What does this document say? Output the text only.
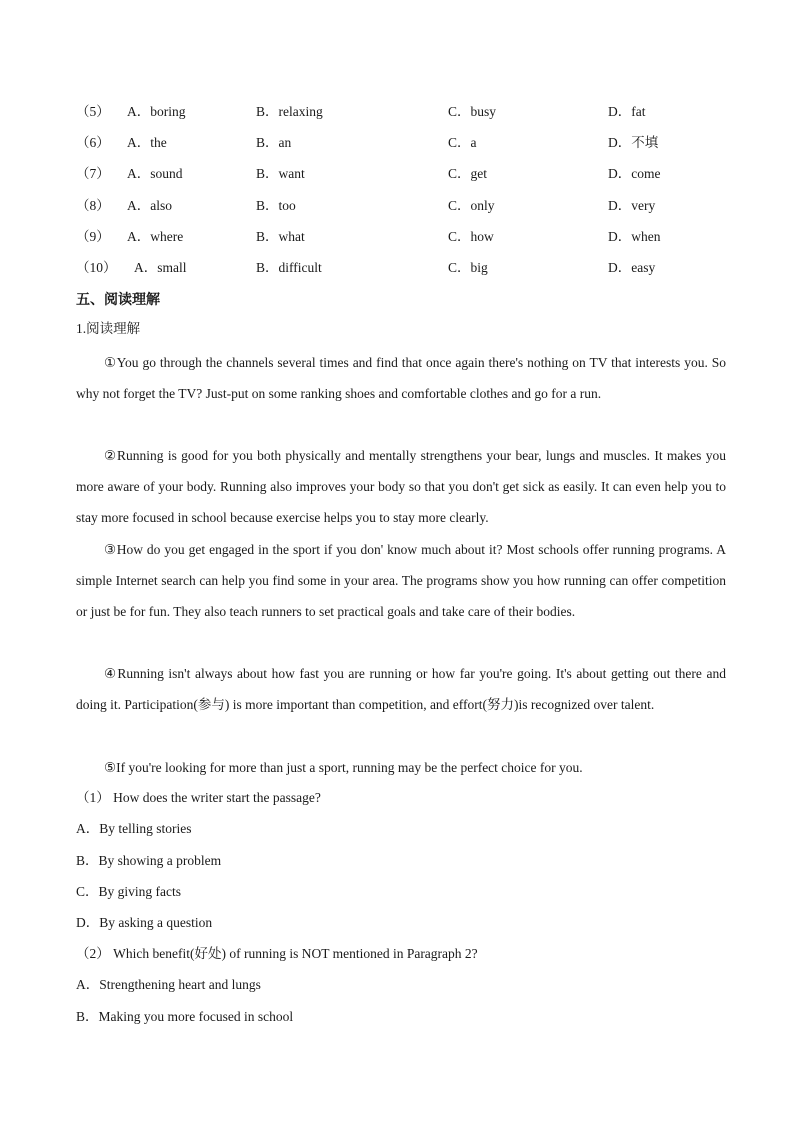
（5） A．boring	B．relaxing	C．busy	D．fat
（6） A．the	B．an	C．a	D．不填
（7） A．sound	B．want	C．get	D．come
（8） A．also	B．too	C．only	D．very
（9） A．where	B．what	C．how	D．when
（10） A．small	B．difficult	C．big	D．easy
五、阅读理解
1.阅读理解

①You go through the channels several times and find that once again there's nothing on TV that interests you. So why not forget the TV? Just-put on some ranking shoes and comfortable clothes and go for a run.

②Running is good for you both physically and mentally strengthens your bear, lungs and muscles. It makes you more aware of your body. Running also improves your body so that you don't get sick as easily. It can even help you to stay more focused in school because exercise helps you to stay more clearly.

③How do you get engaged in the sport if you don' know much about it? Most schools offer running programs. A simple Internet search can help you find some in your area. The programs show you how running can offer competition or just be for fun. They also teach runners to set practical goals and take care of their bodies.

④Running isn't always about how fast you are running or how far you're going. It's about getting out there and doing it. Participation(参与) is more important than competition, and effort(努力)is recognized over talent.

⑤If you're looking for more than just a sport, running may be the perfect choice for you.

（1） How does the writer start the passage?
A．By telling stories
B．By showing a problem
C．By giving facts
D．By asking a question
（2） Which benefit(好处) of running is NOT mentioned in Paragraph 2?
A．Strengthening heart and lungs
B．Making you more focused in school
